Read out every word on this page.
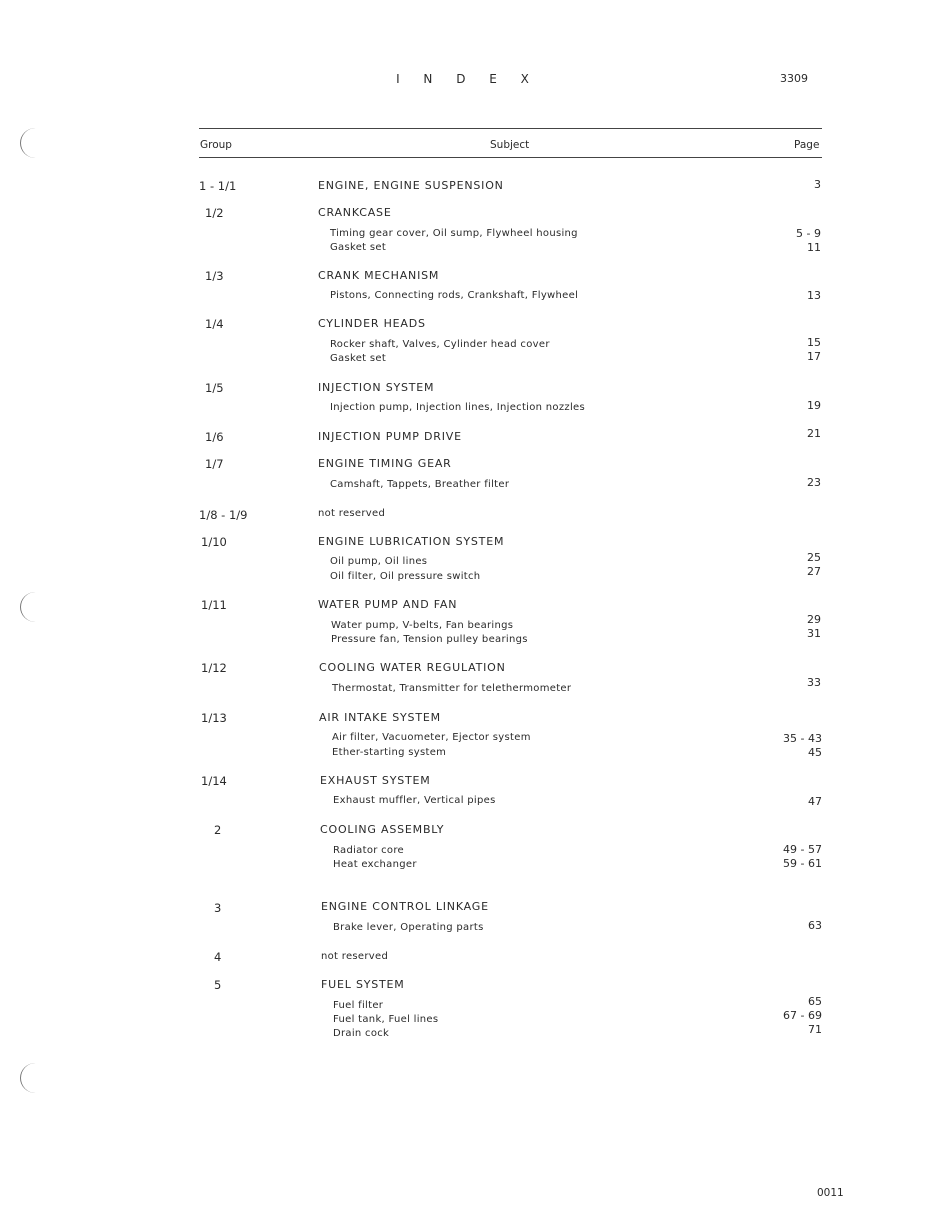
I N D E X	3309
Group	Subject	Page
1 - 1/1	ENGINE, ENGINE SUSPENSION	3
1/2	CRANKCASE
Timing gear cover, Oil sump, Flywheel housing	5 - 9
Gasket set	11
1/3	CRANK MECHANISM
Pistons, Connecting rods, Crankshaft, Flywheel	13
1/4	CYLINDER HEADS
Rocker shaft, Valves, Cylinder head cover	15
Gasket set	17
1/5	INJECTION SYSTEM
Injection pump, Injection lines, Injection nozzles	19
1/6	INJECTION PUMP DRIVE	21
1/7	ENGINE TIMING GEAR
Camshaft, Tappets, Breather filter	23
1/8 - 1/9	not reserved
1/10	ENGINE LUBRICATION SYSTEM
Oil pump, Oil lines	25
Oil filter, Oil pressure switch	27
1/11	WATER PUMP AND FAN
Water pump, V-belts, Fan bearings	29
Pressure fan, Tension pulley bearings	31
1/12	COOLING WATER REGULATION
Thermostat, Transmitter for telethermometer	33
1/13	AIR INTAKE SYSTEM
Air filter, Vacuometer, Ejector system	35 - 43
Ether-starting system	45
1/14	EXHAUST SYSTEM
Exhaust muffler, Vertical pipes	47
2	COOLING ASSEMBLY
Radiator core	49 - 57
Heat exchanger	59 - 61
3	ENGINE CONTROL LINKAGE
Brake lever, Operating parts	63
4	not reserved
5	FUEL SYSTEM
Fuel filter	65
Fuel tank, Fuel lines	67 - 69
Drain cock	71
0011
